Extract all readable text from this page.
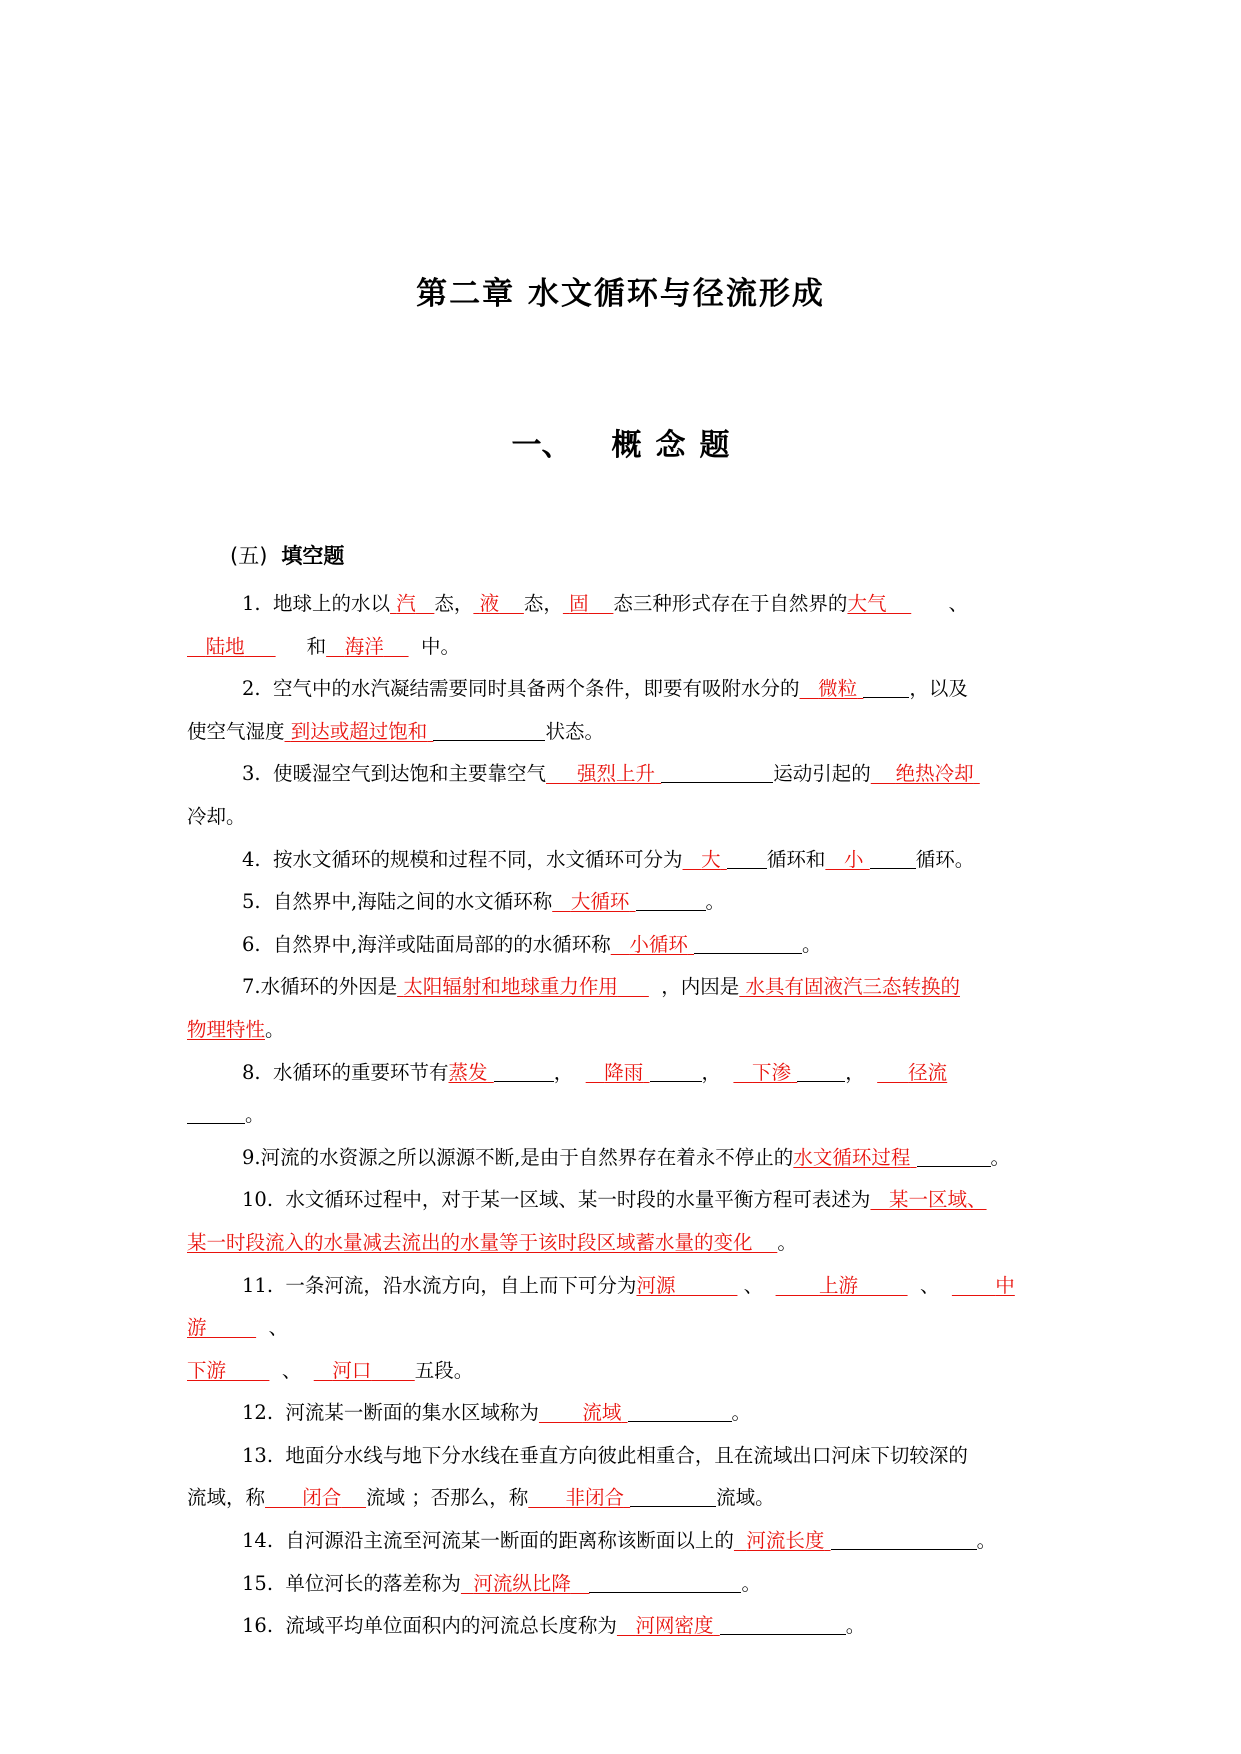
第二章 水文循环与径流形成
一、 概 念 题
(五) 填空题

1. 地球上的水以 汽 态， 液 态， 固 态三种形式存在于自然界的大气	、
陆地	和 海洋 中。

2. 空气中的水汽凝结需要同时具备两个条件，即要有吸附水分的 微粒	，以及
使空气湿度 到达或超过饱和	状态。

3. 使暖湿空气到达饱和主要靠空气 强烈上升	运动引起的 绝热冷却
冷却。

4. 按水文循环的规模和过程不同，水文循环可分为 大 循环和 小	循环。

5. 自然界中,海陆之间的水文循环称 大循环	。

6. 自然界中,海洋或陆面局部的的水循环称 小循环	。

7.水循环的外因是 太阳辐射和地球重力作用 ，内因是 水具有固液汽三态转换的
物理特性。

8. 水循环的重要环节有蒸发	， 降雨	， 下渗	， 径流
。

9.河流的水资源之所以源源不断,是由于自然界存在着永不停止的水文循环过程	。

10. 水文循环过程中，对于某一区域、某一时段的水量平衡方程可表述为 某一区域、
某一时段流入的水量减去流出的水量等于该时段区域蓄水量的变化 。

11. 一条河流，沿水流方向，自上而下可分为河源	、	上游	、	中游	、
下游	、 河口 五段。

12. 河流某一断面的集水区域称为 流域	。

13. 地面分水线与地下分水线在垂直方向彼此相重合，且在流域出口河床下切较深的
流域，称 闭合 流域 ；否那么，称 非闭合	流域。

14. 自河源沿主流至河流某一断面的距离称该断面以上的 河流长度	。

15. 单位河长的落差称为 河流纵比降	。

16. 流域平均单位面积内的河流总长度称为 河网密度	。
